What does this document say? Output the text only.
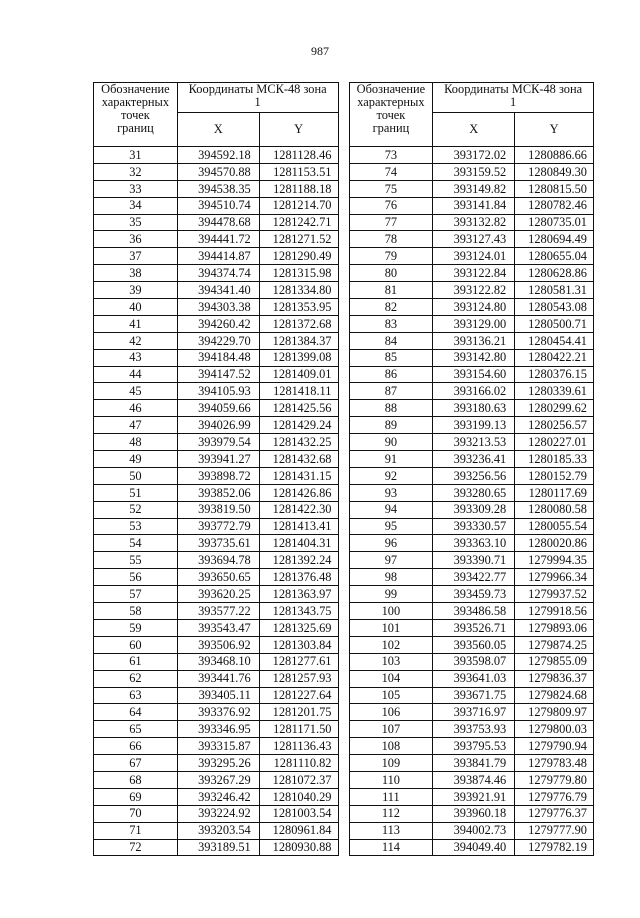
987
Обозначение
характерных
точек
границ	Координаты МСК-48 зона
1	

	X	Y
31	394592.18	1281128.46
32	394570.88	1281153.51
33	394538.35	1281188.18
34	394510.74	1281214.70
35	394478.68	1281242.71
36	394441.72	1281271.52
37	394414.87	1281290.49
38	394374.74	1281315.98
39	394341.40	1281334.80
40	394303.38	1281353.95
41	394260.42	1281372.68
42	394229.70	1281384.37
43	394184.48	1281399.08
44	394147.52	1281409.01
45	394105.93	1281418.11
46	394059.66	1281425.56
47	394026.99	1281429.24
48	393979.54	1281432.25
49	393941.27	1281432.68
50	393898.72	1281431.15
51	393852.06	1281426.86
52	393819.50	1281422.30
53	393772.79	1281413.41
54	393735.61	1281404.31
55	393694.78	1281392.24
56	393650.65	1281376.48
57	393620.25	1281363.97
58	393577.22	1281343.75
59	393543.47	1281325.69
60	393506.92	1281303.84
61	393468.10	1281277.61
62	393441.76	1281257.93
63	393405.11	1281227.64
64	393376.92	1281201.75
65	393346.95	1281171.50
66	393315.87	1281136.43
67	393295.26	1281110.82
68	393267.29	1281072.37
69	393246.42	1281040.29
70	393224.92	1281003.54
71	393203.54	1280961.84
72	393189.51	1280930.88
Обозначение
характерных
точек
границ	Координаты МСК-48 зона
1	

	X	Y
73	393172.02	1280886.66
74	393159.52	1280849.30
75	393149.82	1280815.50
76	393141.84	1280782.46
77	393132.82	1280735.01
78	393127.43	1280694.49
79	393124.01	1280655.04
80	393122.84	1280628.86
81	393122.82	1280581.31
82	393124.80	1280543.08
83	393129.00	1280500.71
84	393136.21	1280454.41
85	393142.80	1280422.21
86	393154.60	1280376.15
87	393166.02	1280339.61
88	393180.63	1280299.62
89	393199.13	1280256.57
90	393213.53	1280227.01
91	393236.41	1280185.33
92	393256.56	1280152.79
93	393280.65	1280117.69
94	393309.28	1280080.58
95	393330.57	1280055.54
96	393363.10	1280020.86
97	393390.71	1279994.35
98	393422.77	1279966.34
99	393459.73	1279937.52
100	393486.58	1279918.56
101	393526.71	1279893.06
102	393560.05	1279874.25
103	393598.07	1279855.09
104	393641.03	1279836.37
105	393671.75	1279824.68
106	393716.97	1279809.97
107	393753.93	1279800.03
108	393795.53	1279790.94
109	393841.79	1279783.48
110	393874.46	1279779.80
111	393921.91	1279776.79
112	393960.18	1279776.37
113	394002.73	1279777.90
114	394049.40	1279782.19
